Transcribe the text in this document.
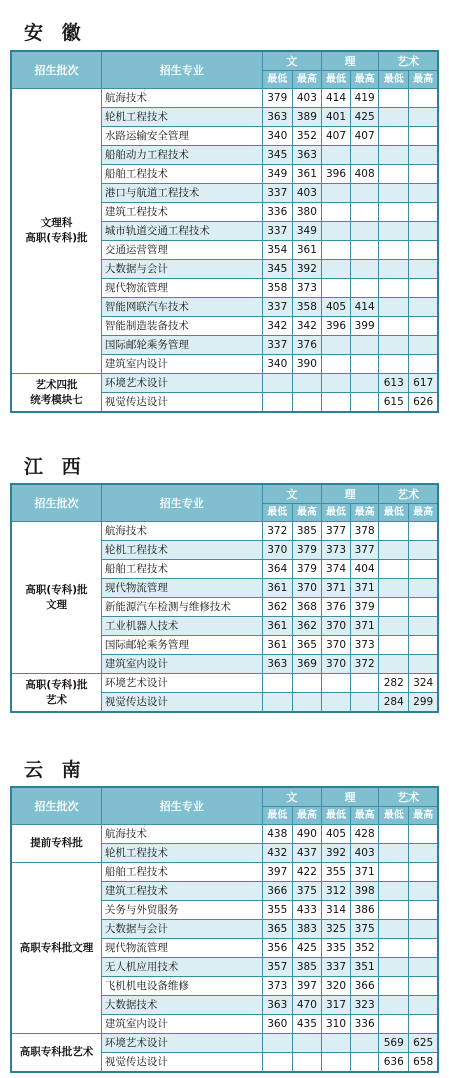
安 徽
招生批次	招生专业	文		理		艺术	
		最低	最高	最低	最高	最低	最高
文理科
高职(专科)批	航海技术	379	403	414	419		
	轮机工程技术	363	389	401	425		
	水路运输安全管理	340	352	407	407		
	船舶动力工程技术	345	363				
	船舶工程技术	349	361	396	408		
	港口与航道工程技术	337	403				
	建筑工程技术	336	380				
	城市轨道交通工程技术	337	349				
	交通运营管理	354	361				
	大数据与会计	345	392				
	现代物流管理	358	373				
	智能网联汽车技术	337	358	405	414		
	智能制造装备技术	342	342	396	399		
	国际邮轮乘务管理	337	376				
	建筑室内设计	340	390				
艺术四批
统考模块七	环境艺术设计					613	617
	视觉传达设计					615	626
江 西
招生批次	招生专业	文		理		艺术	
		最低	最高	最低	最高	最低	最高
高职(专科)批
文理	航海技术	372	385	377	378		
	轮机工程技术	370	379	373	377		
	船舶工程技术	364	379	374	404		
	现代物流管理	361	370	371	371		
	新能源汽车检测与维修技术	362	368	376	379		
	工业机器人技术	361	362	370	371		
	国际邮轮乘务管理	361	365	370	373		
	建筑室内设计	363	369	370	372		
高职(专科)批
艺术	环境艺术设计					282	324
	视觉传达设计					284	299
云 南
招生批次	招生专业	文		理		艺术	
		最低	最高	最低	最高	最低	最高
提前专科批	航海技术	438	490	405	428		
	轮机工程技术	432	437	392	403		
高职专科批文理	船舶工程技术	397	422	355	371		
	建筑工程技术	366	375	312	398		
	关务与外贸服务	355	433	314	386		
	大数据与会计	365	383	325	375		
	现代物流管理	356	425	335	352		
	无人机应用技术	357	385	337	351		
	飞机机电设备维修	373	397	320	366		
	大数据技术	363	470	317	323		
	建筑室内设计	360	435	310	336		
高职专科批艺术	环境艺术设计					569	625
	视觉传达设计					636	658
